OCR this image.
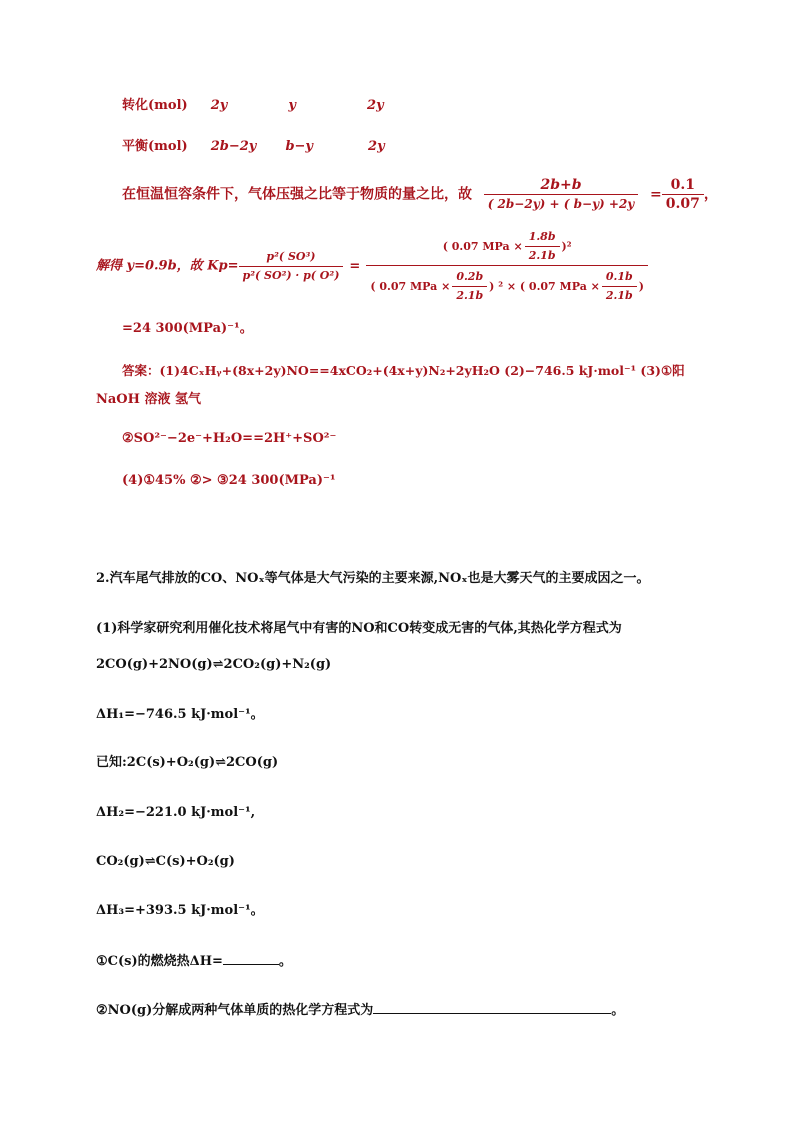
转化(mol) 2y	y	2y
平衡(mol) 2b−2y b−y	2y
在恒温恒容条件下，气体压强之比等于物质的量之比，故 $\frac{2b+b}{( 2b-2y) + ( b-y) +2y} = \frac{0.1}{0.07}$ ，
解得 y=0.9b，故 $Kp= \frac{\text{p²( SO³)}}{\text{p²( SO²) · p( O²)}}$ =
( 0.07 MPa × $\frac{1.8b}{2.1b} )^2$
( 0.07 MPa × $\frac{0.2b}{2.1b}$ ) ² × ( 0.07 MPa × $\frac{0.1b}{2.1b}$ )
=24 300(MPa)⁻¹。
答案：(1)4CₓHᵧ+(8x+2y)NO==4xCO₂+(4x+y)N₂+2yH₂O (2)−746.5 kJ·mol⁻¹ (3)①阳
NaOH 溶液 氢气
②SO²⁻−2e⁻+H₂O==2H⁺+SO²⁻
(4)①45% ②> ③24 300(MPa)⁻¹
2.汽车尾气排放的CO、NOₓ等气体是大气污染的主要来源,NOₓ也是大雾天气的主要成因之一。
(1)科学家研究利用催化技术将尾气中有害的NO和CO转变成无害的气体,其热化学方程式为
2CO(g)+2NO(g)⇌2CO₂(g)+N₂(g)
ΔH₁=−746.5 kJ·mol⁻¹。
已知:2C(s)+O₂(g)⇌2CO(g)
ΔH₂=−221.0 kJ·mol⁻¹,
CO₂(g)⇌C(s)+O₂(g)
ΔH₃=+393.5 kJ·mol⁻¹。
①C(s)的燃烧热ΔH=	。
②NO(g)分解成两种气体单质的热化学方程式为	。
